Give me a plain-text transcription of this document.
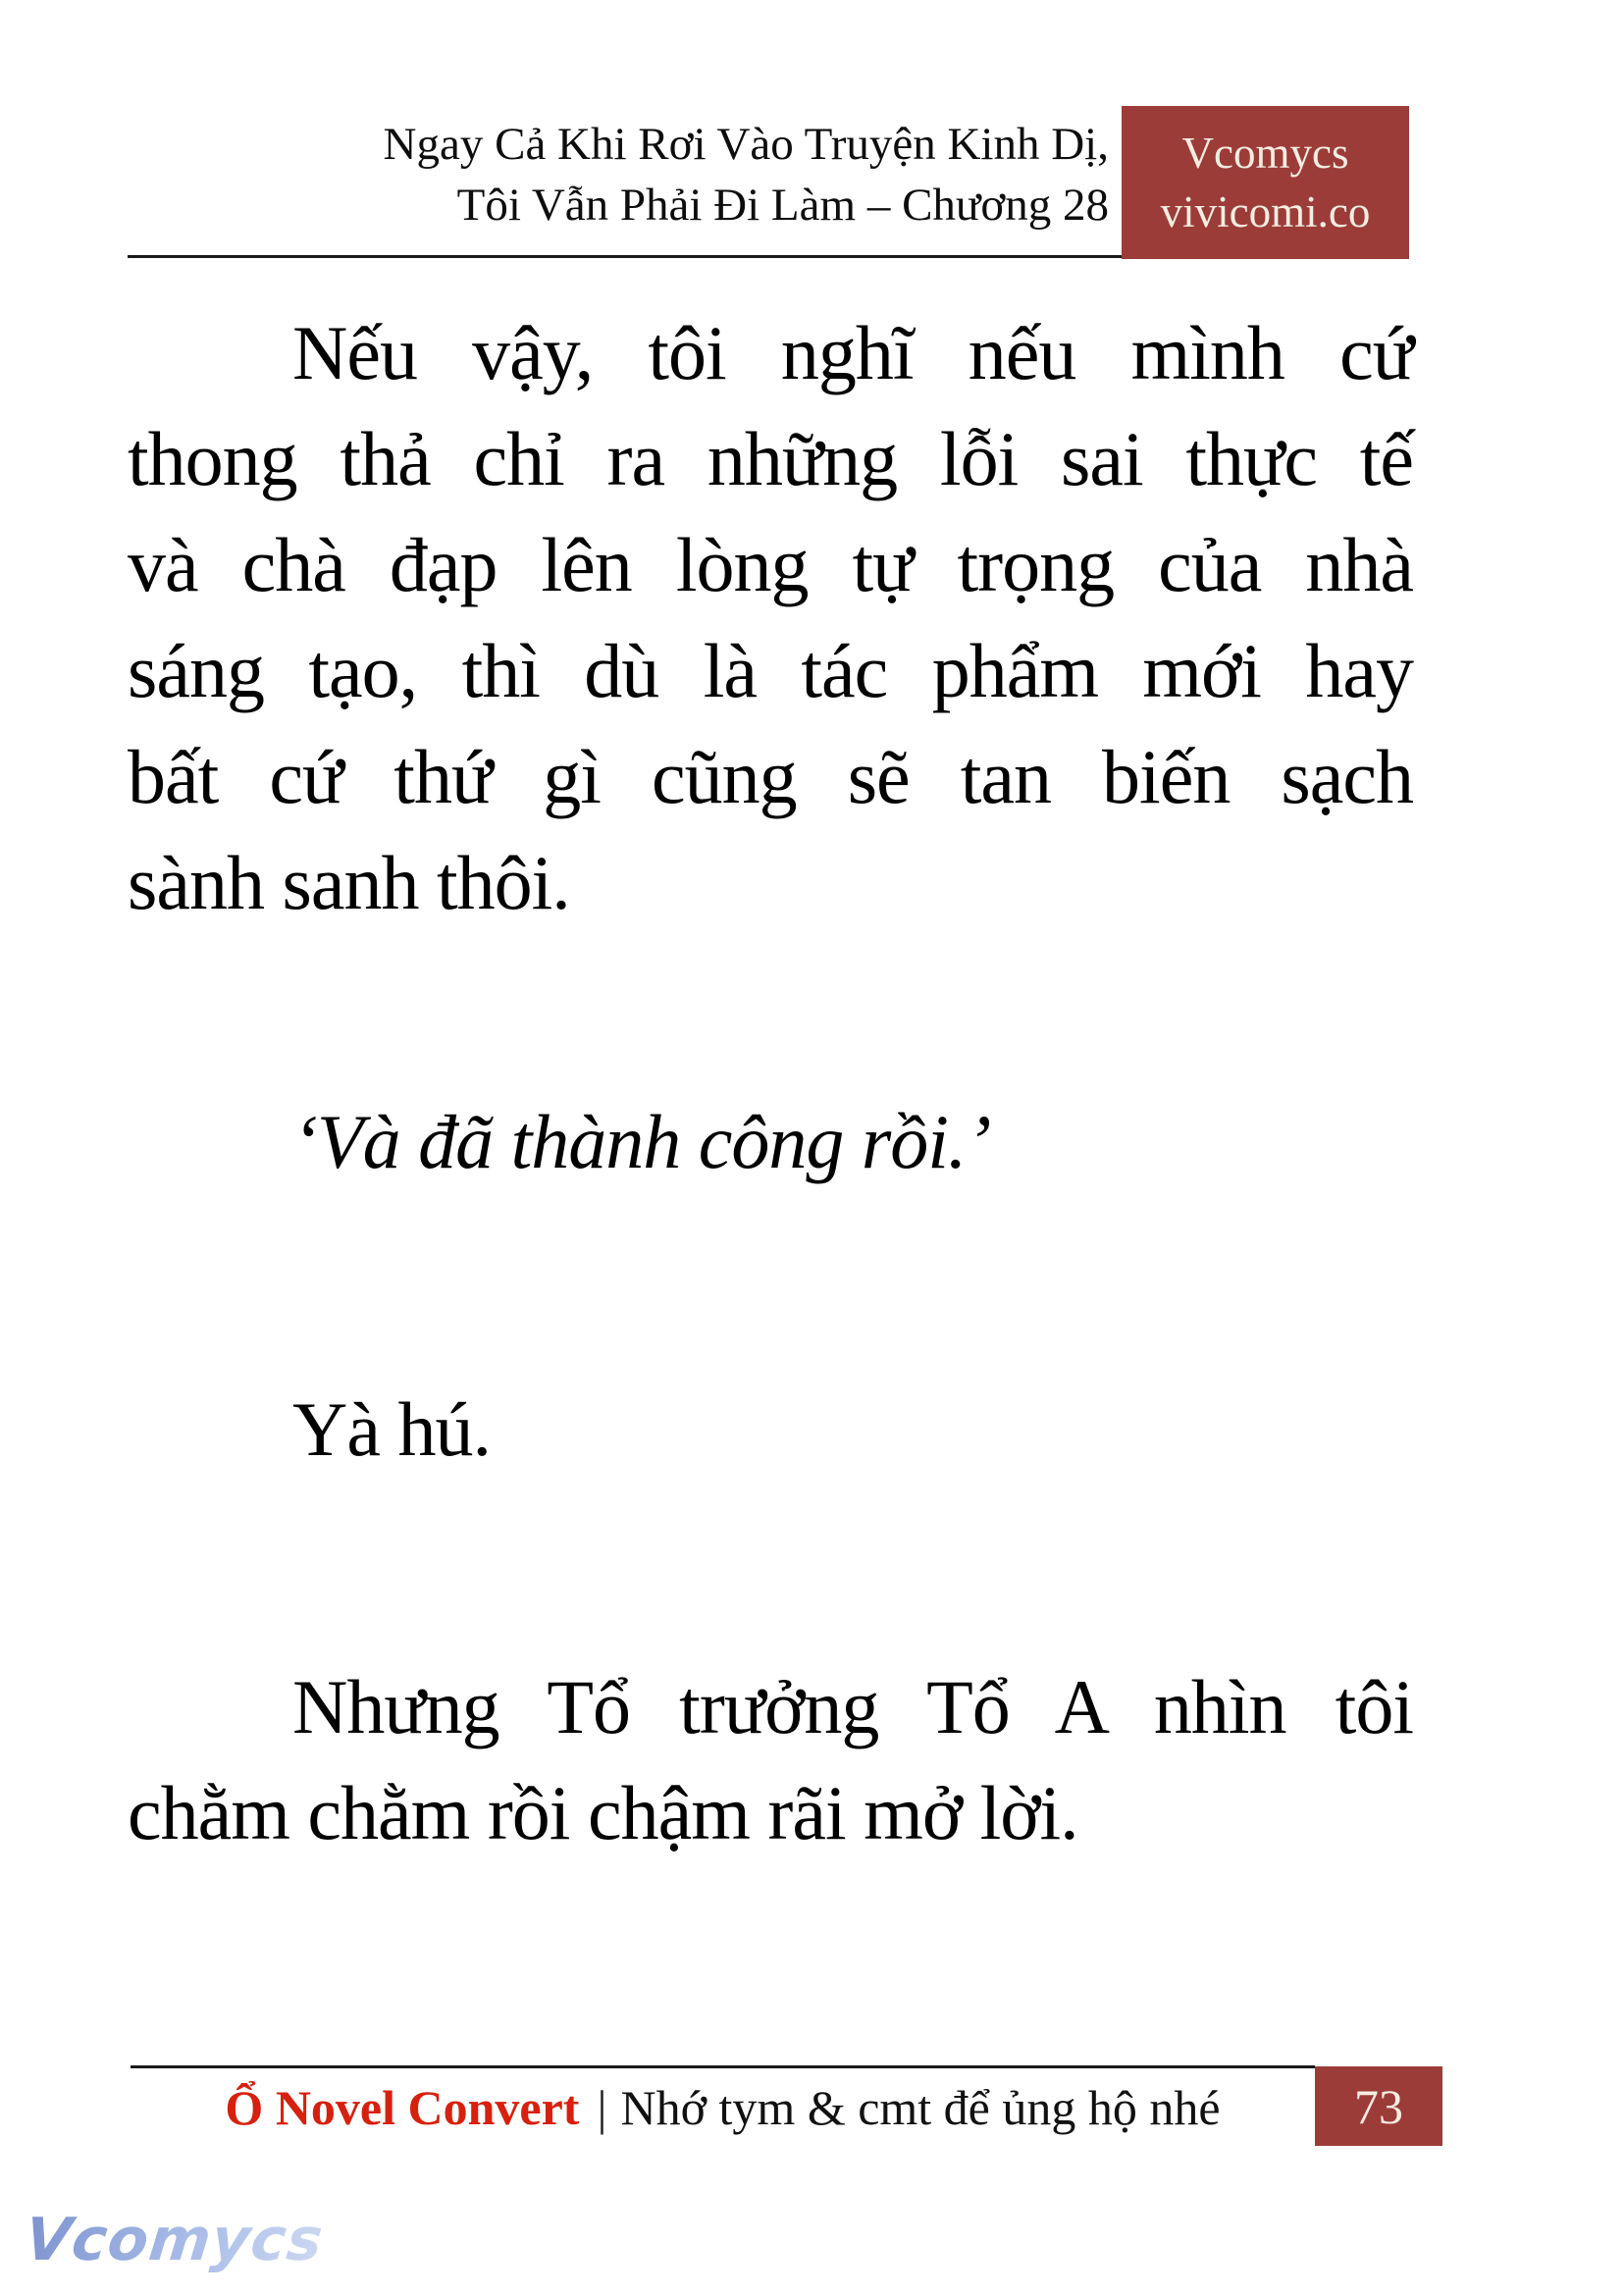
Ngay Cả Khi Rơi Vào Truyện Kinh Dị,
Tôi Vẫn Phải Đi Làm – Chương 28
Vcomycs
vivicomi.co
Nếu vậy, tôi nghĩ nếu mình cứ
thong thả chỉ ra những lỗi sai thực tế
và chà đạp lên lòng tự trọng của nhà
sáng tạo, thì dù là tác phẩm mới hay
bất cứ thứ gì cũng sẽ tan biến sạch
sành sanh thôi.
‘Và đã thành công rồi.’
Yà hú.
Nhưng Tổ trưởng Tổ A nhìn tôi
chằm chằm rồi chậm rãi mở lời.
Ổ Novel Convert | Nhớ tym & cmt để ủng hộ nhé	73
Vcomycs
